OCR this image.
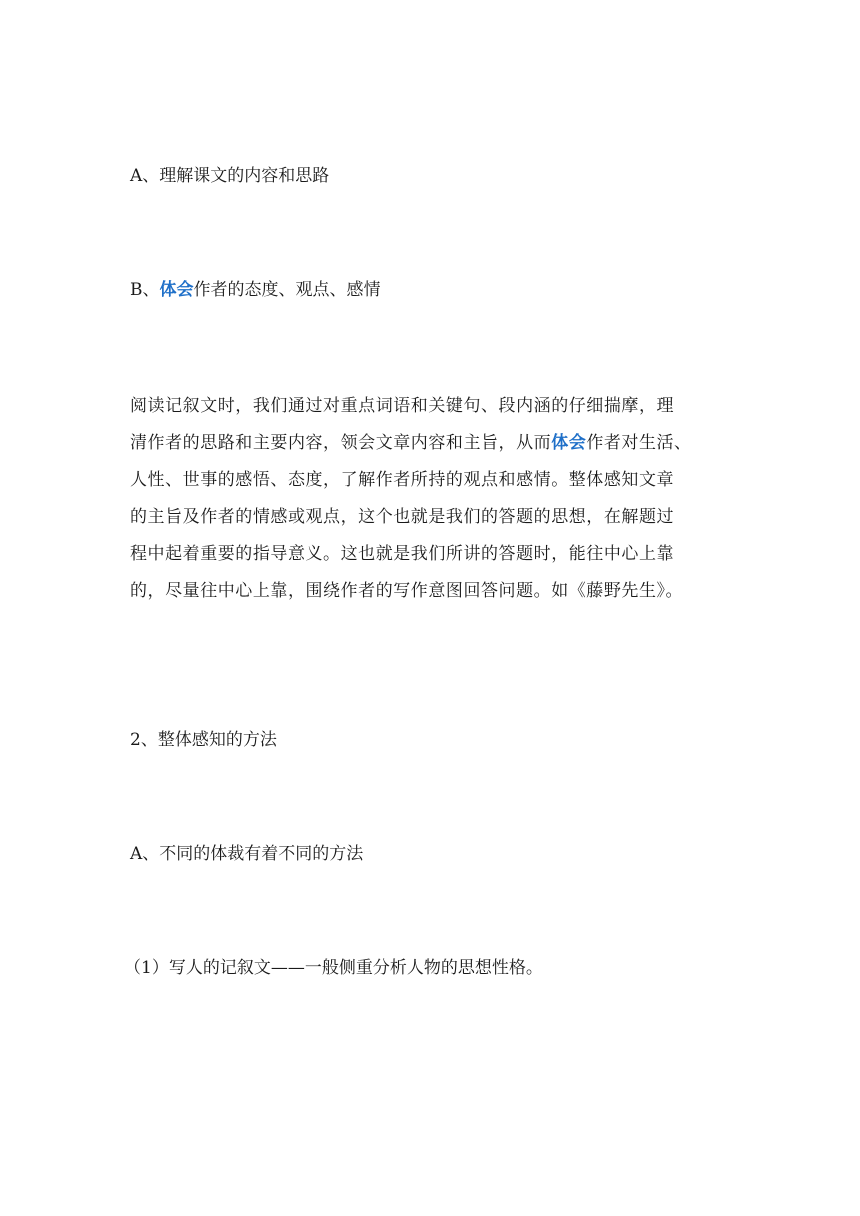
A、理解课文的内容和思路
B、体会作者的态度、观点、感情
阅读记叙文时，我们通过对重点词语和关键句、段内涵的仔细揣摩，理
清作者的思路和主要内容，领会文章内容和主旨，从而体会作者对生活、
人性、世事的感悟、态度，了解作者所持的观点和感情。整体感知文章
的主旨及作者的情感或观点，这个也就是我们的答题的思想，在解题过
程中起着重要的指导意义。这也就是我们所讲的答题时，能往中心上靠
的，尽量往中心上靠，围绕作者的写作意图回答问题。如《藤野先生》。
2、整体感知的方法
A、不同的体裁有着不同的方法
（1）写人的记叙文——一般侧重分析人物的思想性格。
